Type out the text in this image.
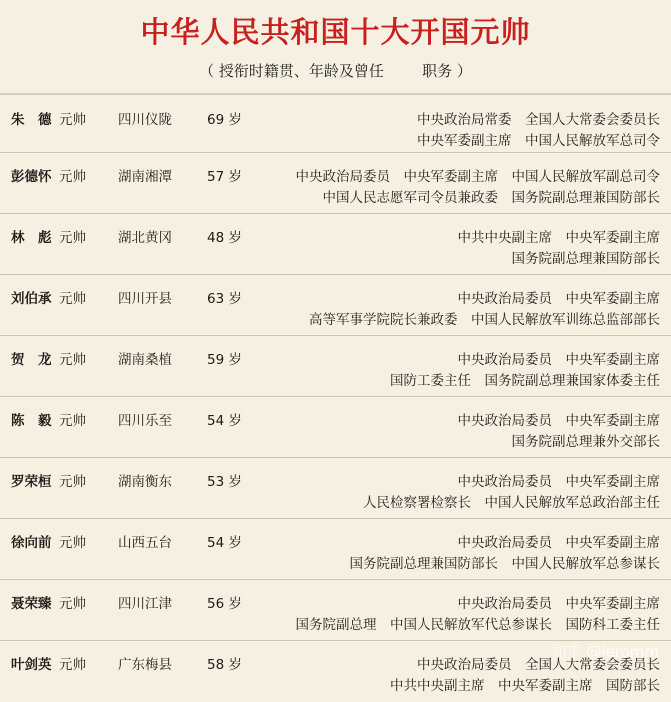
中华人民共和国十大开国元帅
（ 授衔时籍贯、年龄及曾任        职务 ）
朱　德 元帅 四川仪陇	69 岁	中央政治局常委　全国人大常委会委员长
中央军委副主席　中国人民解放军总司令
彭德怀 元帅 湖南湘潭	57 岁	中央政治局委员　中央军委副主席　中国人民解放军副总司令
中国人民志愿军司令员兼政委　国务院副总理兼国防部长
林　彪 元帅 湖北黄冈	48 岁	中共中央副主席　中央军委副主席
国务院副总理兼国防部长
刘伯承 元帅 四川开县	63 岁	中央政治局委员　中央军委副主席
高等军事学院院长兼政委　中国人民解放军训练总监部部长
贺　龙 元帅 湖南桑植	59 岁	中央政治局委员　中央军委副主席
国防工委主任　国务院副总理兼国家体委主任
陈　毅 元帅 四川乐至	54 岁	中央政治局委员　中央军委副主席
国务院副总理兼外交部长
罗荣桓 元帅 湖南衡东	53 岁	中央政治局委员　中央军委副主席
人民检察署检察长　中国人民解放军总政治部主任
徐向前 元帅 山西五台	54 岁	中央政治局委员　中央军委副主席
国务院副总理兼国防部长　中国人民解放军总参谋长
聂荣臻 元帅 四川江津	56 岁	中央政治局委员　中央军委副主席
国务院副总理　中国人民解放军代总参谋长　国防科工委主任
叶剑英 元帅 广东梅县	58 岁	中央政治局委员　全国人大常委会委员长
中共中央副主席　中央军委副主席　国防部长
知乎 @jeromm
